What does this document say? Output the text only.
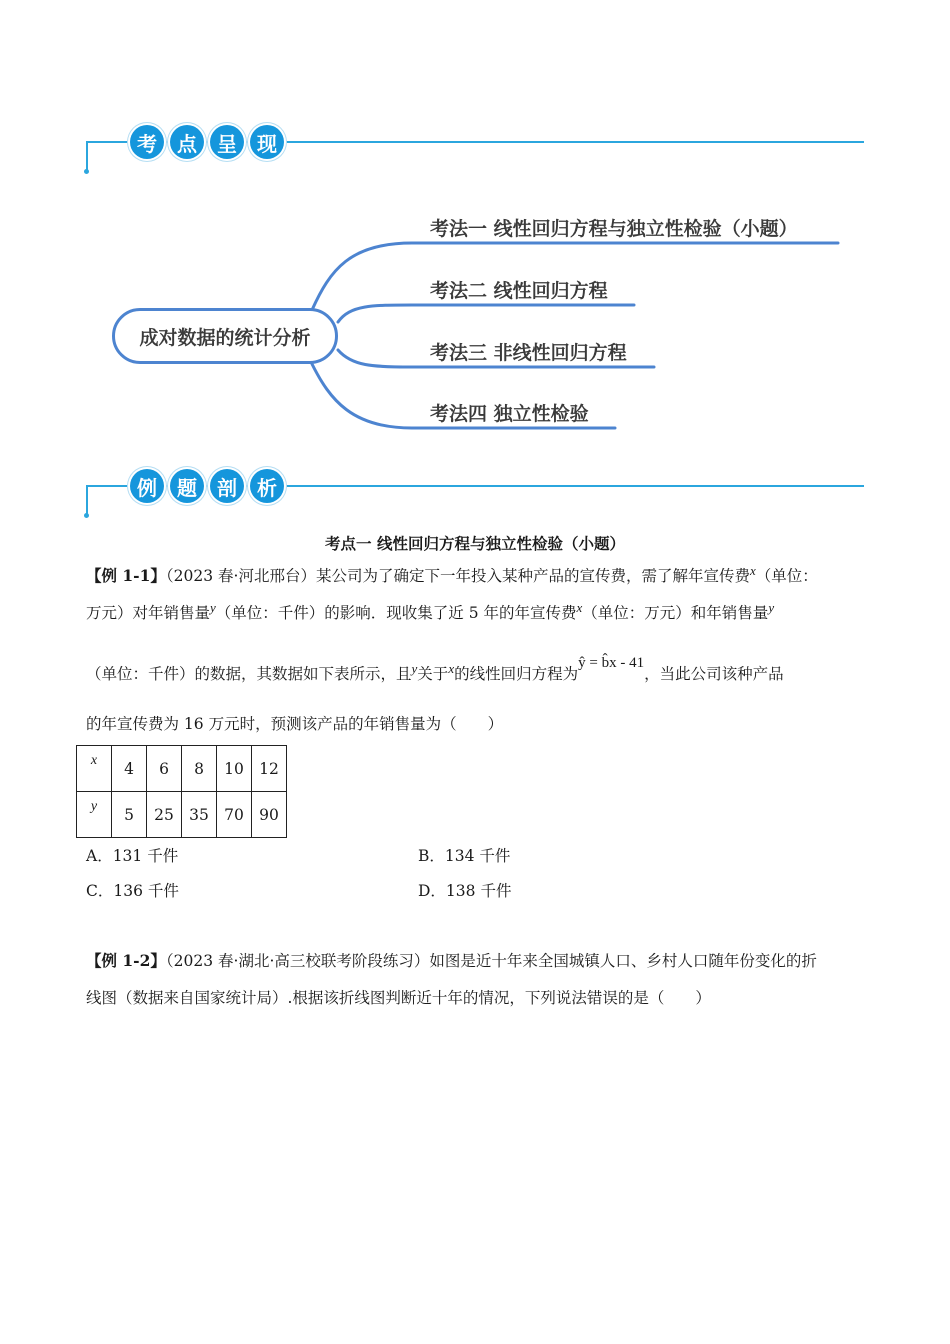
考	点	呈	现
成对数据的统计分析
考法一 线性回归方程与独立性检验（小题）
考法二 线性回归方程
考法三 非线性回归方程
考法四 独立性检验
例	题	剖	析
考点一 线性回归方程与独立性检验（小题）
【例 1-1】（2023 春·河北邢台）某公司为了确定下一年投入某种产品的宣传费，需了解年宣传费$^x$（单位：
万元）对年销售量$^y$（单位：千件）的影响．现收集了近 5 年的年宣传费$^x$（单位：万元）和年销售量$^y$
（单位：千件）的数据，其数据如下表所示，且$^y$关于$^x$的线性回归方程为ŷ = b̂x - 41，当此公司该种产品
的年宣传费为 16 万元时，预测该产品的年销售量为（　　）
x	4	6	8	10	12
y	5	25	35	70	90
A．131 千件	B．134 千件
C．136 千件	D．138 千件
【例 1-2】（2023 春·湖北·高三校联考阶段练习）如图是近十年来全国城镇人口、乡村人口随年份变化的折
线图（数据来自国家统计局）.根据该折线图判断近十年的情况，下列说法错误的是（　　）
